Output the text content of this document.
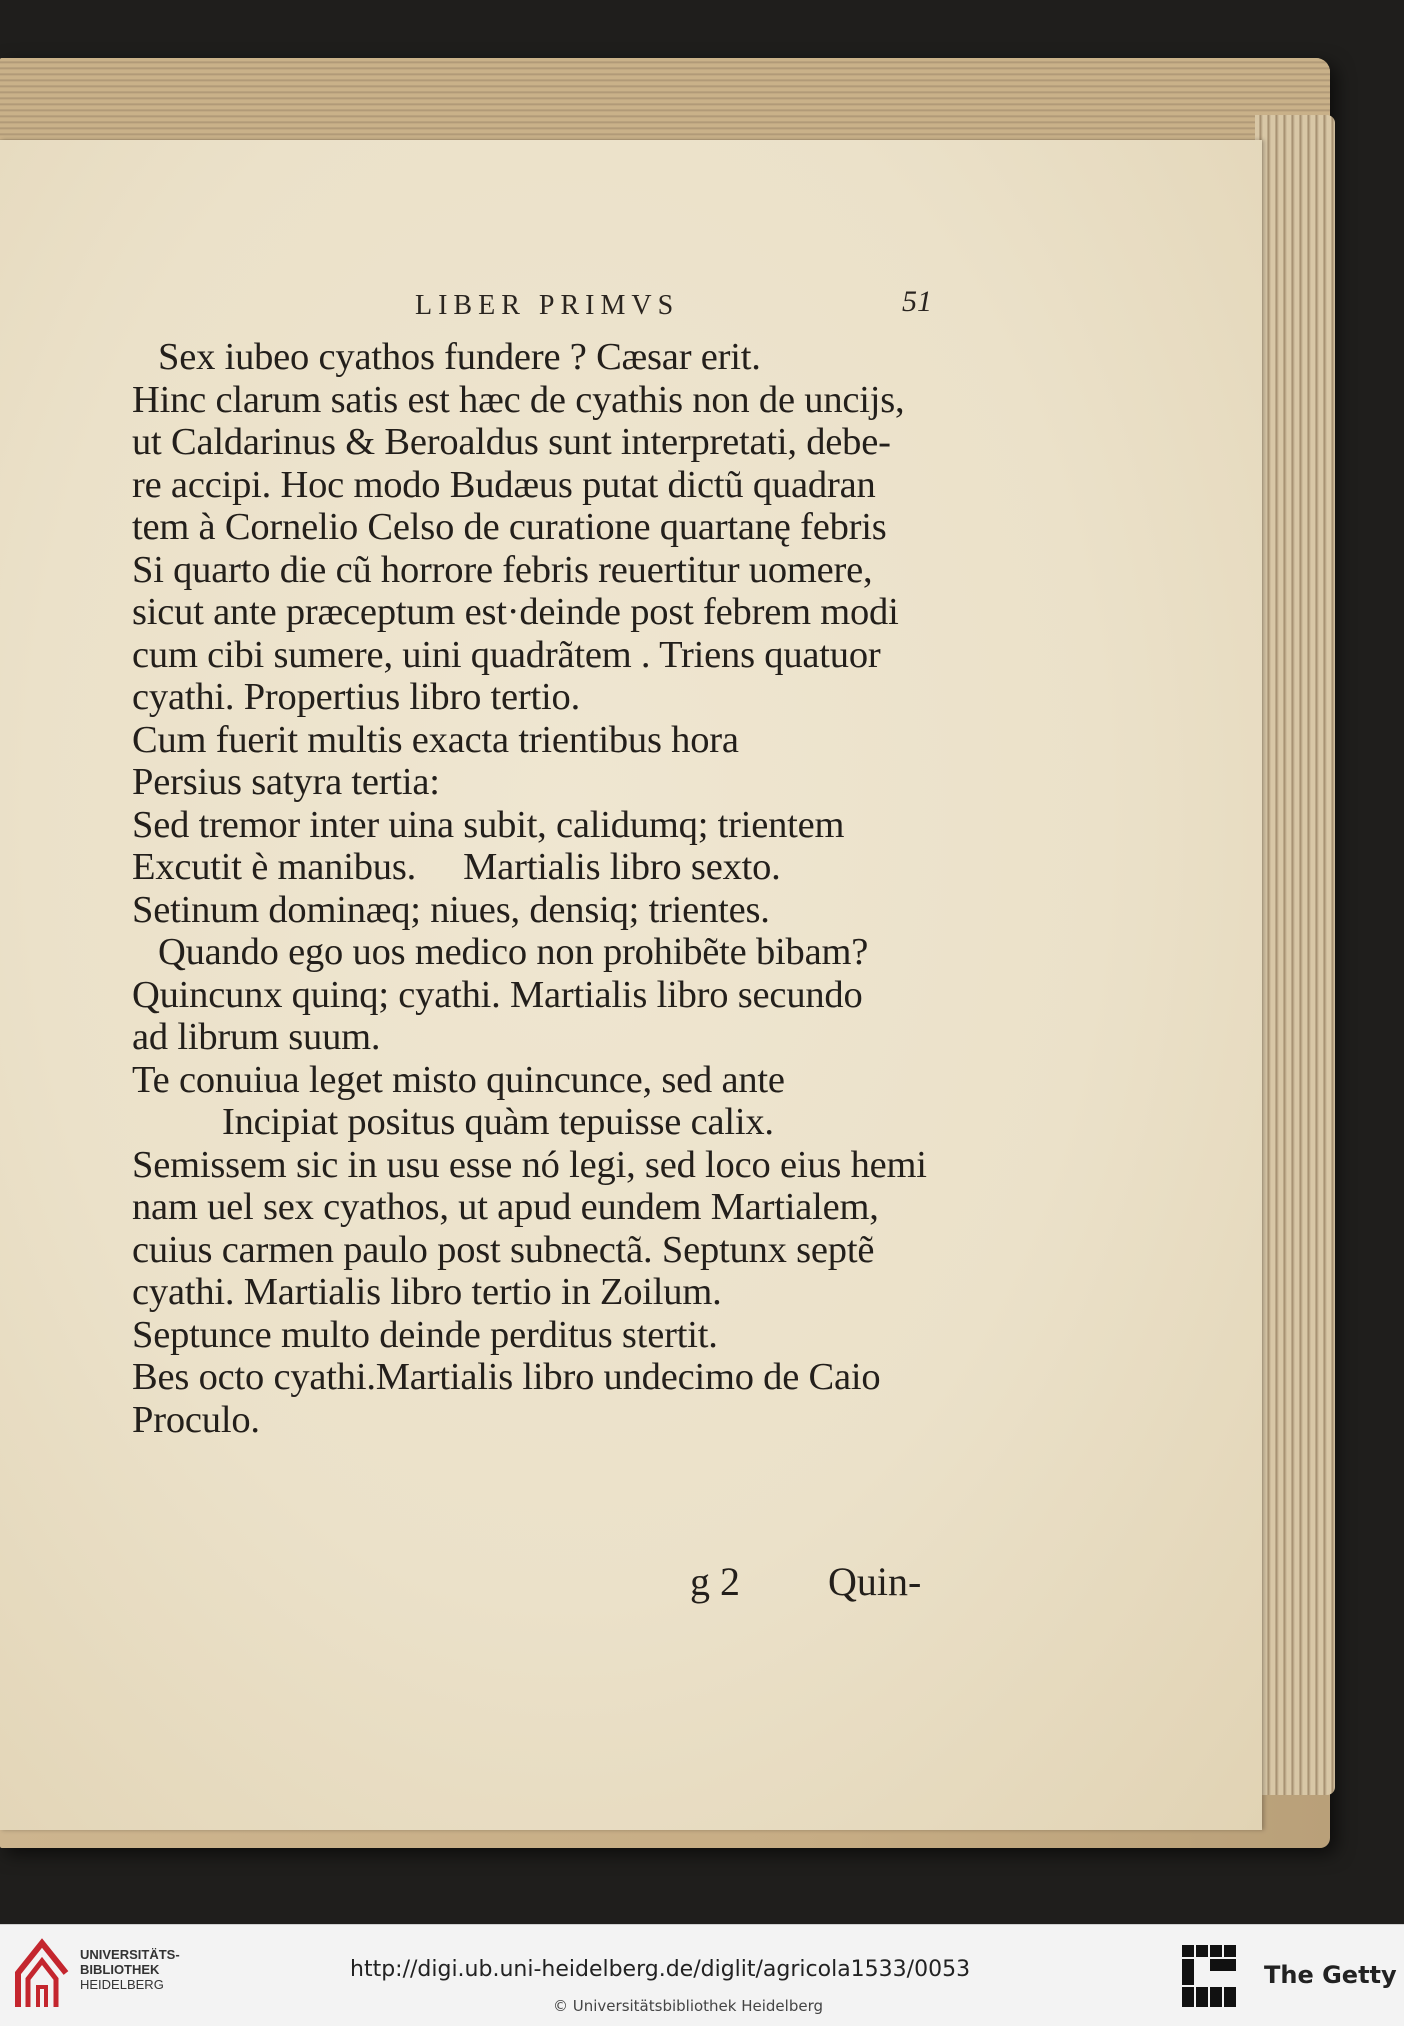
LIBER PRIMVS	51
Sex iubeo cyathos fundere ? Cæsar erit.
Hinc clarum satis est hæc de cyathis non de uncijs,
ut Caldarinus & Beroaldus sunt interpretati, debe-
re accipi. Hoc modo Budæus putat dictũ quadran
tem à Cornelio Celso de curatione quartanę febris
Si quarto die cũ horrore febris reuertitur uomere,
sicut ante præceptum est·deinde post febrem modi
cum cibi sumere, uini quadrãtem . Triens quatuor
cyathi. Propertius libro tertio.
Cum fuerit multis exacta trientibus hora
Persius satyra tertia:
Sed tremor inter uina subit, calidumq; trientem
Excutit è manibus.     Martialis libro sexto.
Setinum dominæq; niues, densiq; trientes.
Quando ego uos medico non prohibẽte bibam?
Quincunx quinq; cyathi. Martialis libro secundo
ad librum suum.
Te conuiua leget misto quincunce, sed ante
Incipiat positus quàm tepuisse calix.
Semissem sic in usu esse nó legi, sed loco eius hemi
nam uel sex cyathos, ut apud eundem Martialem,
cuius carmen paulo post subnectã. Septunx septẽ
cyathi. Martialis libro tertio in Zoilum.
Septunce multo deinde perditus stertit.
Bes octo cyathi.Martialis libro undecimo de Caio
Proculo.
g 2 Quin-
UNIVERSITÄTS-
BIBLIOTHEK
HEIDELBERG
http://digi.ub.uni-heidelberg.de/diglit/agricola1533/0053
© Universitätsbibliothek Heidelberg
The Getty
